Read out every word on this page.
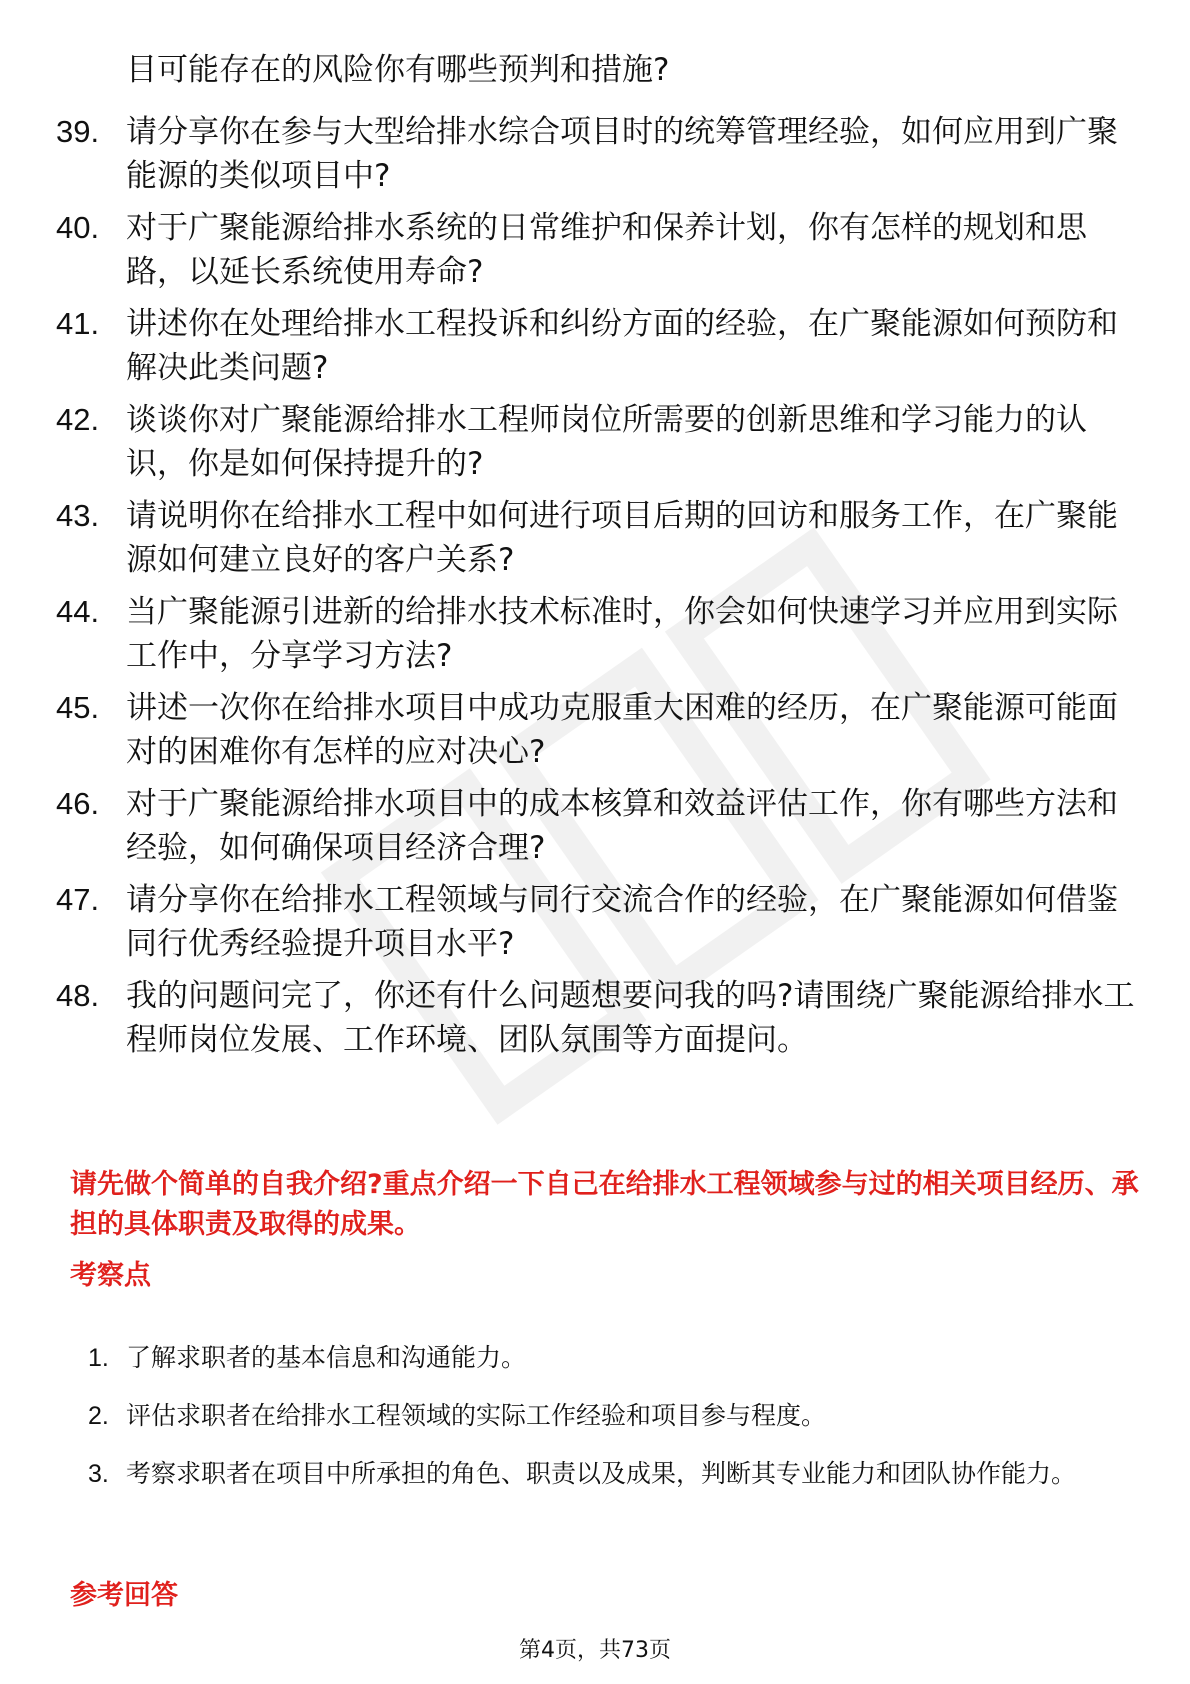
目可能存在的风险你有哪些预判和措施?
39. 请分享你在参与大型给排水综合项目时的统筹管理经验，如何应用到广聚能源的类似项目中?
40. 对于广聚能源给排水系统的日常维护和保养计划，你有怎样的规划和思路，以延长系统使用寿命?
41. 讲述你在处理给排水工程投诉和纠纷方面的经验，在广聚能源如何预防和解决此类问题?
42. 谈谈你对广聚能源给排水工程师岗位所需要的创新思维和学习能力的认识，你是如何保持提升的?
43. 请说明你在给排水工程中如何进行项目后期的回访和服务工作，在广聚能源如何建立良好的客户关系?
44. 当广聚能源引进新的给排水技术标准时，你会如何快速学习并应用到实际工作中，分享学习方法?
45. 讲述一次你在给排水项目中成功克服重大困难的经历，在广聚能源可能面对的困难你有怎样的应对决心?
46. 对于广聚能源给排水项目中的成本核算和效益评估工作，你有哪些方法和经验，如何确保项目经济合理?
47. 请分享你在给排水工程领域与同行交流合作的经验，在广聚能源如何借鉴同行优秀经验提升项目水平?
48. 我的问题问完了，你还有什么问题想要问我的吗?请围绕广聚能源给排水工程师岗位发展、工作环境、团队氛围等方面提问。
请先做个简单的自我介绍?重点介绍一下自己在给排水工程领域参与过的相关项目经历、承担的具体职责及取得的成果。
考察点
1. 了解求职者的基本信息和沟通能力。
2. 评估求职者在给排水工程领域的实际工作经验和项目参与程度。
3. 考察求职者在项目中所承担的角色、职责以及成果，判断其专业能力和团队协作能力。
参考回答
第4页，共73页
